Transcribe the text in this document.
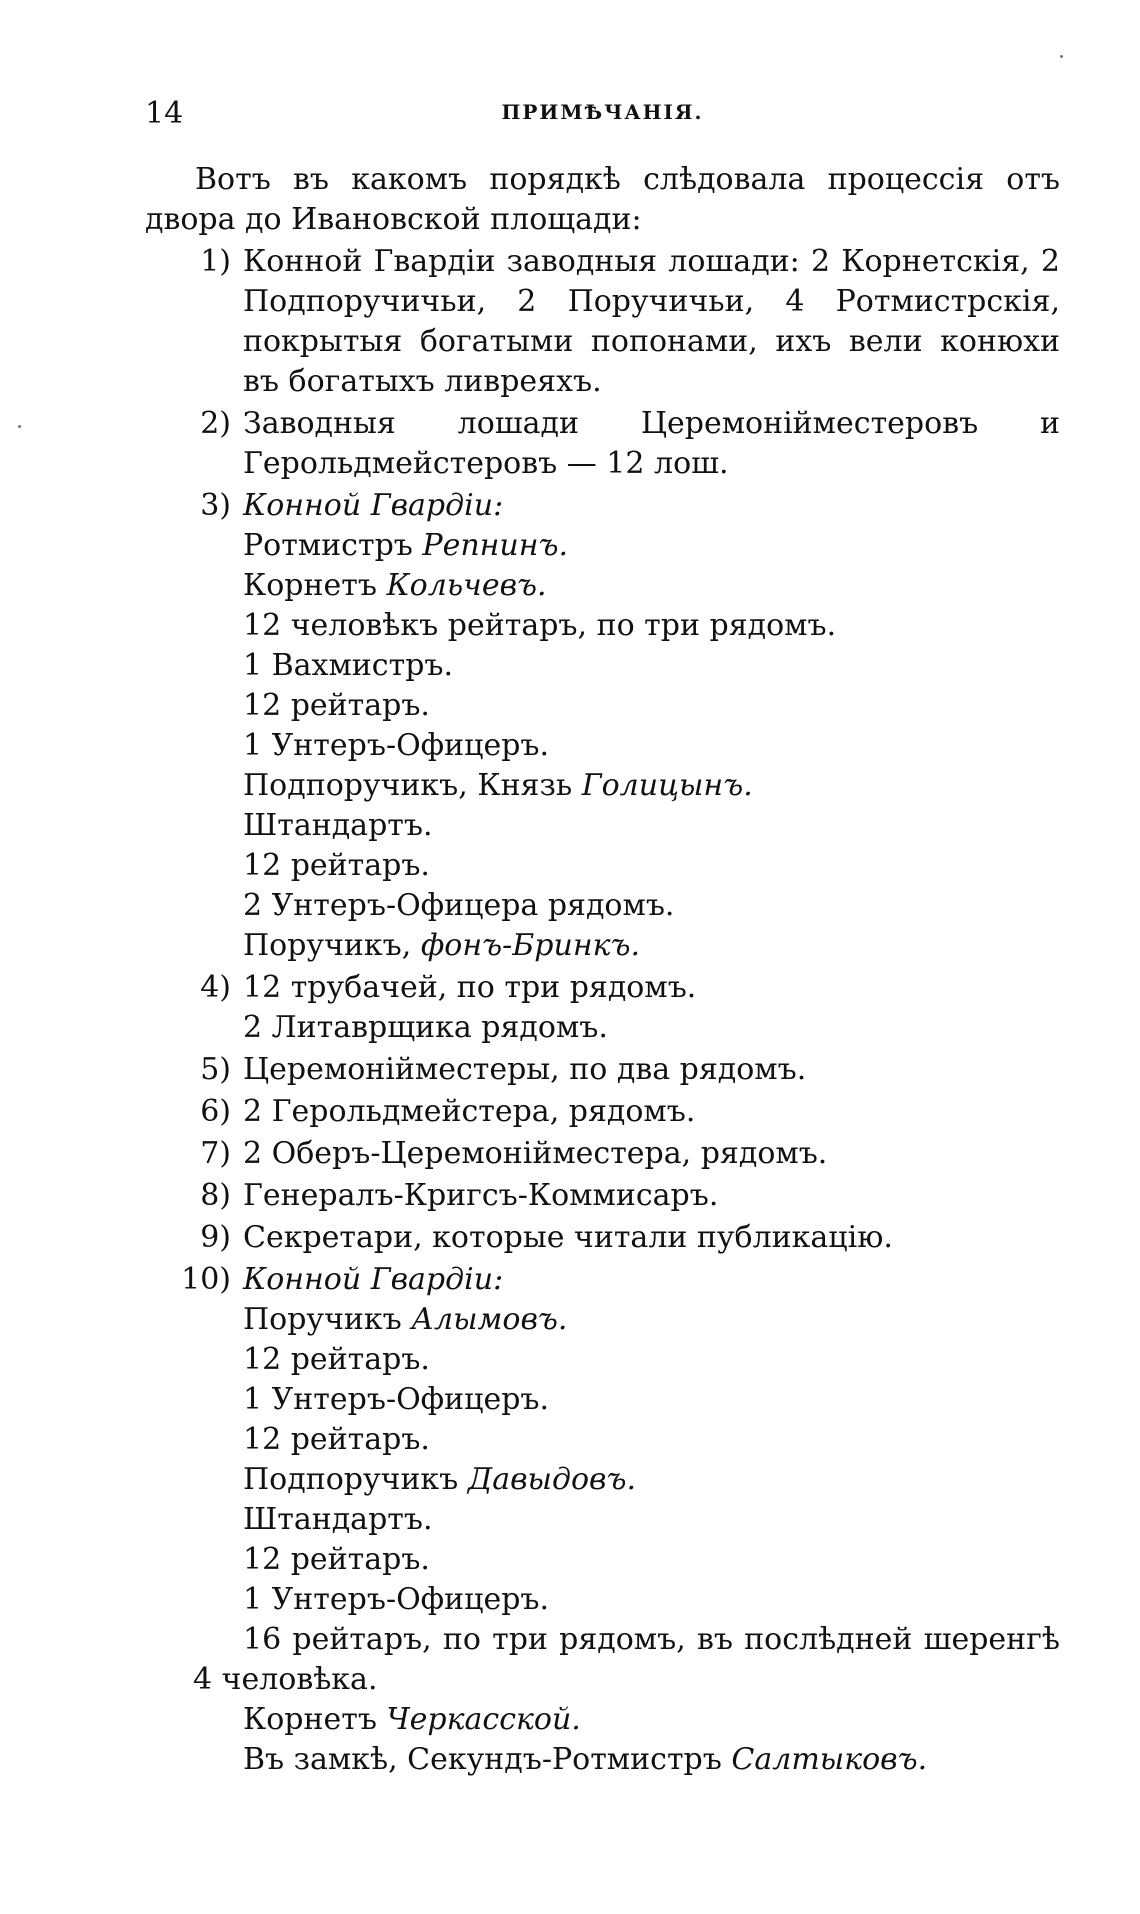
14	ПРИМѢЧАНІЯ.

Вотъ въ какомъ порядкѣ слѣдовала процессія отъ двора до Ивановской площади:

1) Конной Гвардіи заводныя лошади: 2 Корнетскія, 2 Подпоручичьи, 2 Поручичьи, 4 Ротмистрскія, покрытыя богатыми попонами, ихъ вели конюхи въ богатыхъ ливреяхъ.
2) Заводныя лошади Церемонійместеровъ и Герольдмейстеровъ — 12 лош.
3) Конной Гвардіи:
Ротмистръ Репнинъ.
Корнетъ Кольчевъ.
12 человѣкъ рейтаръ, по три рядомъ.
1 Вахмистръ.
12 рейтаръ.
1 Унтеръ-Офицеръ.
Подпоручикъ, Князь Голицынъ.
Штандартъ.
12 рейтаръ.
2 Унтеръ-Офицера рядомъ.
Поручикъ, фонъ-Бринкъ.
4) 12 трубачей, по три рядомъ.
2 Литаврщика рядомъ.
5) Церемонійместеры, по два рядомъ.
6) 2 Герольдмейстера, рядомъ.
7) 2 Оберъ-Церемонійместера, рядомъ.
8) Генералъ-Кригсъ-Коммисаръ.
9) Секретари, которые читали публикацію.
10) Конной Гвардіи:
Поручикъ Алымовъ.
12 рейтаръ.
1 Унтеръ-Офицеръ.
12 рейтаръ.
Подпоручикъ Давыдовъ.
Штандартъ.
12 рейтаръ.
1 Унтеръ-Офицеръ.
16 рейтаръ, по три рядомъ, въ послѣдней шеренгѣ 4 человѣка.
Корнетъ Черкасской.
Въ замкѣ, Секундъ-Ротмистръ Салтыковъ.
